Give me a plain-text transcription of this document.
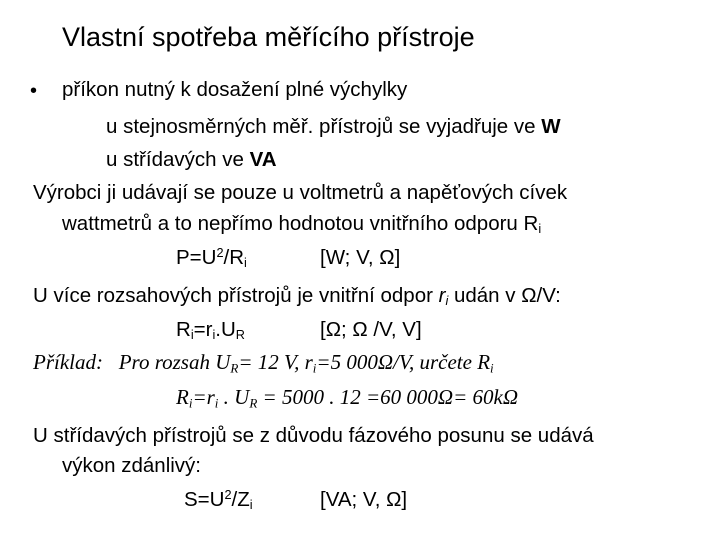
Vlastní spotřeba měřícího přístroje
• příkon nutný k dosažení plné výchylky
u stejnosměrných měř. přístrojů se vyjadřuje ve W
u střídavých ve VA
Výrobci ji udávají se pouze u voltmetrů a napěťových cívek
wattmetrů a to nepřímo hodnotou vnitřního odporu $R_i$
$P=U^2/R_i$	[W; V, Ω]
U více rozsahových přístrojů je vnitřní odpor $r_i$ udán v Ω/V:
$R_i=r_i.U_R$	[Ω; Ω /V, V]
Příklad: Pro rozsah $U_R= 12$ V, $r_i=5$ 000Ω/V, určete $R_i$
$R_i=r_i$ . $U_R = 5000$ . 12 =60 000Ω= 60kΩ
U střídavých přístrojů se z důvodu fázového posunu se udává
výkon zdánlivý:
$S=U^2/Z_i$	[VA; V, Ω]
